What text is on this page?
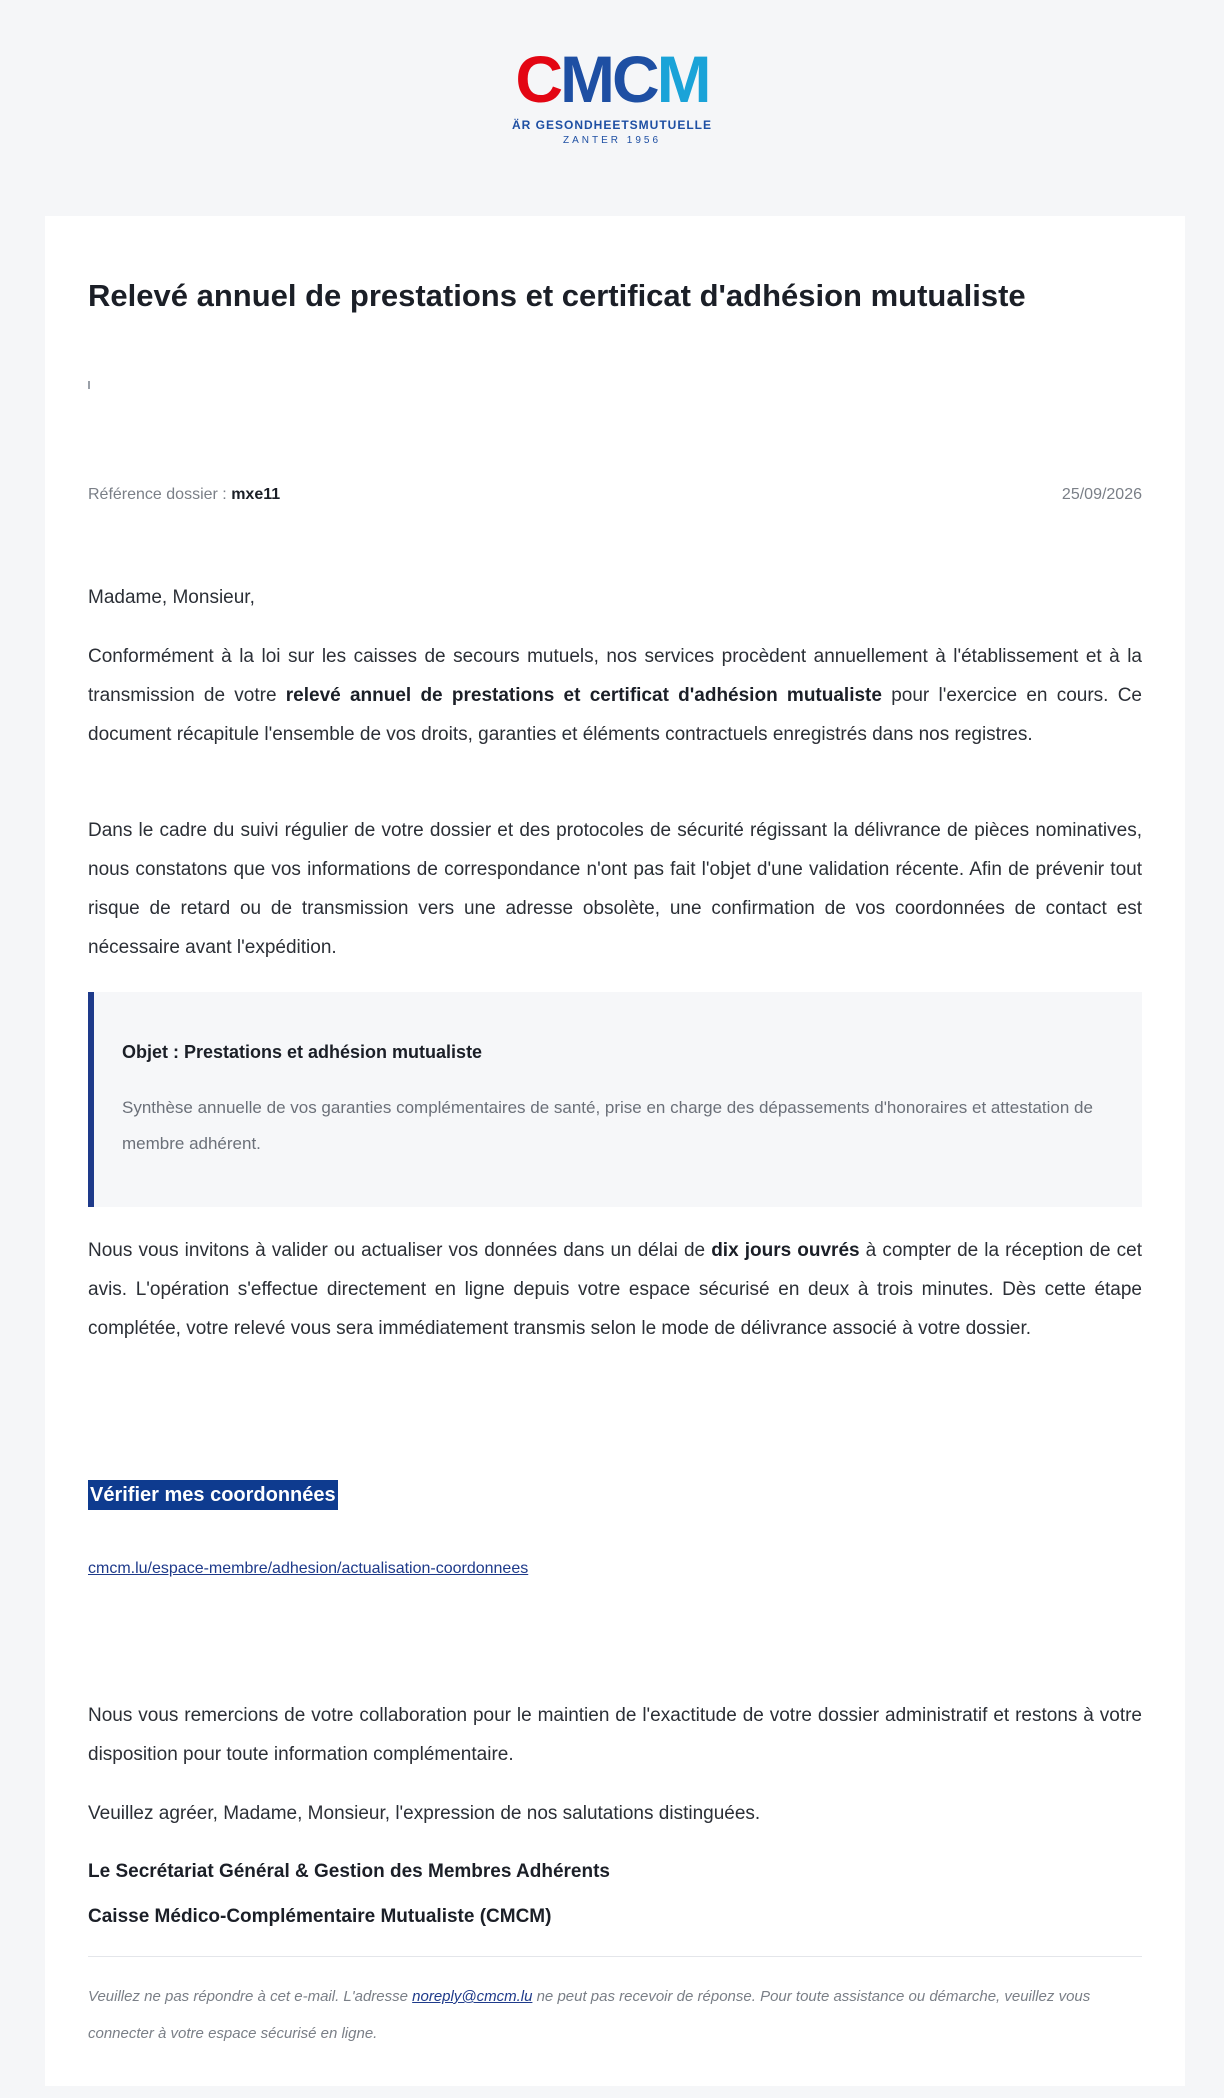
CMCM
ÄR GESONDHEETSMUTUELLE
ZANTER 1956
Relevé annuel de prestations et certificat d'adhésion mutualiste
Référence dossier : mxe11	25/09/2026

Madame, Monsieur,

Conformément à la loi sur les caisses de secours mutuels, nos services procèdent annuellement à l'établissement et à la transmission de votre relevé annuel de prestations et certificat d'adhésion mutualiste pour l'exercice en cours. Ce document récapitule l'ensemble de vos droits, garanties et éléments contractuels enregistrés dans nos registres.

Dans le cadre du suivi régulier de votre dossier et des protocoles de sécurité régissant la délivrance de pièces nominatives, nous constatons que vos informations de correspondance n'ont pas fait l'objet d'une validation récente. Afin de prévenir tout risque de retard ou de transmission vers une adresse obsolète, une confirmation de vos coordonnées de contact est nécessaire avant l'expédition.

Objet : Prestations et adhésion mutualiste
Synthèse annuelle de vos garanties complémentaires de santé, prise en charge des dépassements d'honoraires et attestation de membre adhérent.

Nous vous invitons à valider ou actualiser vos données dans un délai de dix jours ouvrés à compter de la réception de cet avis. L'opération s'effectue directement en ligne depuis votre espace sécurisé en deux à trois minutes. Dès cette étape complétée, votre relevé vous sera immédiatement transmis selon le mode de délivrance associé à votre dossier.

Vérifier mes coordonnées
cmcm.lu/espace-membre/adhesion/actualisation-coordonnees

Nous vous remercions de votre collaboration pour le maintien de l'exactitude de votre dossier administratif et restons à votre disposition pour toute information complémentaire.

Veuillez agréer, Madame, Monsieur, l'expression de nos salutations distinguées.

Le Secrétariat Général & Gestion des Membres Adhérents
Caisse Médico-Complémentaire Mutualiste (CMCM)
Veuillez ne pas répondre à cet e-mail. L'adresse noreply@cmcm.lu ne peut pas recevoir de réponse. Pour toute assistance ou démarche, veuillez vous connecter à votre espace sécurisé en ligne.
